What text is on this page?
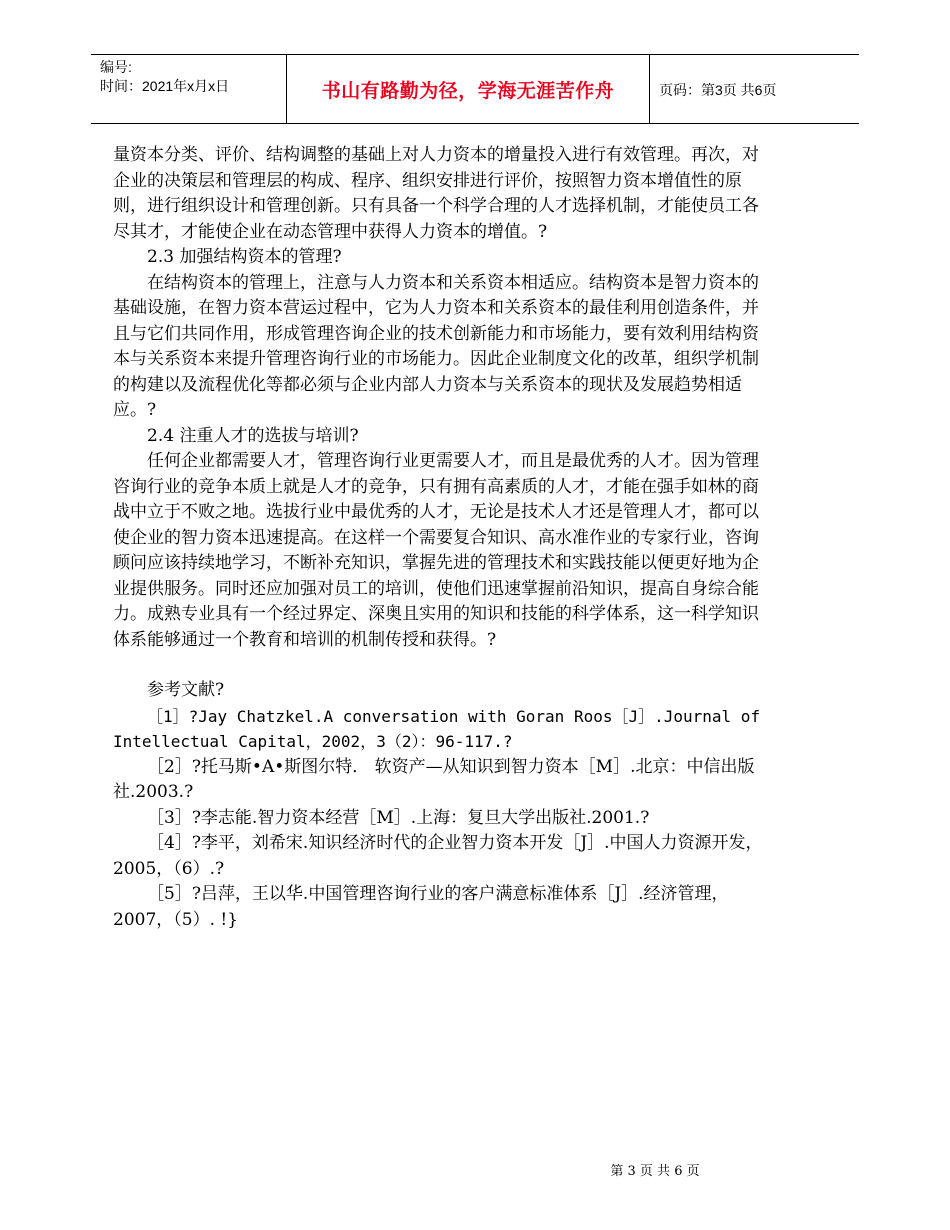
编号:
时间：2021年x月x日	书山有路勤为径，学海无涯苦作舟	页码：第3页 共6页

量资本分类、评价、结构调整的基础上对人力资本的增量投入进行有效管理。再次，对企业的决策层和管理层的构成、程序、组织安排进行评价，按照智力资本增值性的原则，进行组织设计和管理创新。只有具备一个科学合理的人才选择机制，才能使员工各尽其才，才能使企业在动态管理中获得人力资本的增值。?

2.3 加强结构资本的管理?

在结构资本的管理上，注意与人力资本和关系资本相适应。结构资本是智力资本的基础设施，在智力资本营运过程中，它为人力资本和关系资本的最佳利用创造条件，并且与它们共同作用，形成管理咨询企业的技术创新能力和市场能力，要有效利用结构资本与关系资本来提升管理咨询行业的市场能力。因此企业制度文化的改革，组织学机制的构建以及流程优化等都必须与企业内部人力资本与关系资本的现状及发展趋势相适应。?

2.4 注重人才的选拔与培训?

任何企业都需要人才，管理咨询行业更需要人才，而且是最优秀的人才。因为管理咨询行业的竞争本质上就是人才的竞争，只有拥有高素质的人才，才能在强手如林的商战中立于不败之地。选拔行业中最优秀的人才，无论是技术人才还是管理人才，都可以使企业的智力资本迅速提高。在这样一个需要复合知识、高水准作业的专家行业，咨询顾问应该持续地学习，不断补充知识，掌握先进的管理技术和实践技能以便更好地为企业提供服务。同时还应加强对员工的培训，使他们迅速掌握前沿知识，提高自身综合能力。成熟专业具有一个经过界定、深奥且实用的知识和技能的科学体系，这一科学知识体系能够通过一个教育和培训的机制传授和获得。?

参考文献?

［1］?Jay Chatzkel.A conversation with Goran Roos［J］.Journal of Intellectual Capital，2002，3（2）：96-117.?

［2］?托马斯•A•斯图尔特． 软资产—从知识到智力资本［M］.北京：中信出版社.2003.?

［3］?李志能.智力资本经营［M］.上海：复旦大学出版社.2001.?

［4］?李平，刘希宋.知识经济时代的企业智力资本开发［J］.中国人力资源开发，2005，（6）.?

［5］?吕萍，王以华.中国管理咨询行业的客户满意标准体系［J］.经济管理，2007，（5）. !}

第 3 页 共 6 页
